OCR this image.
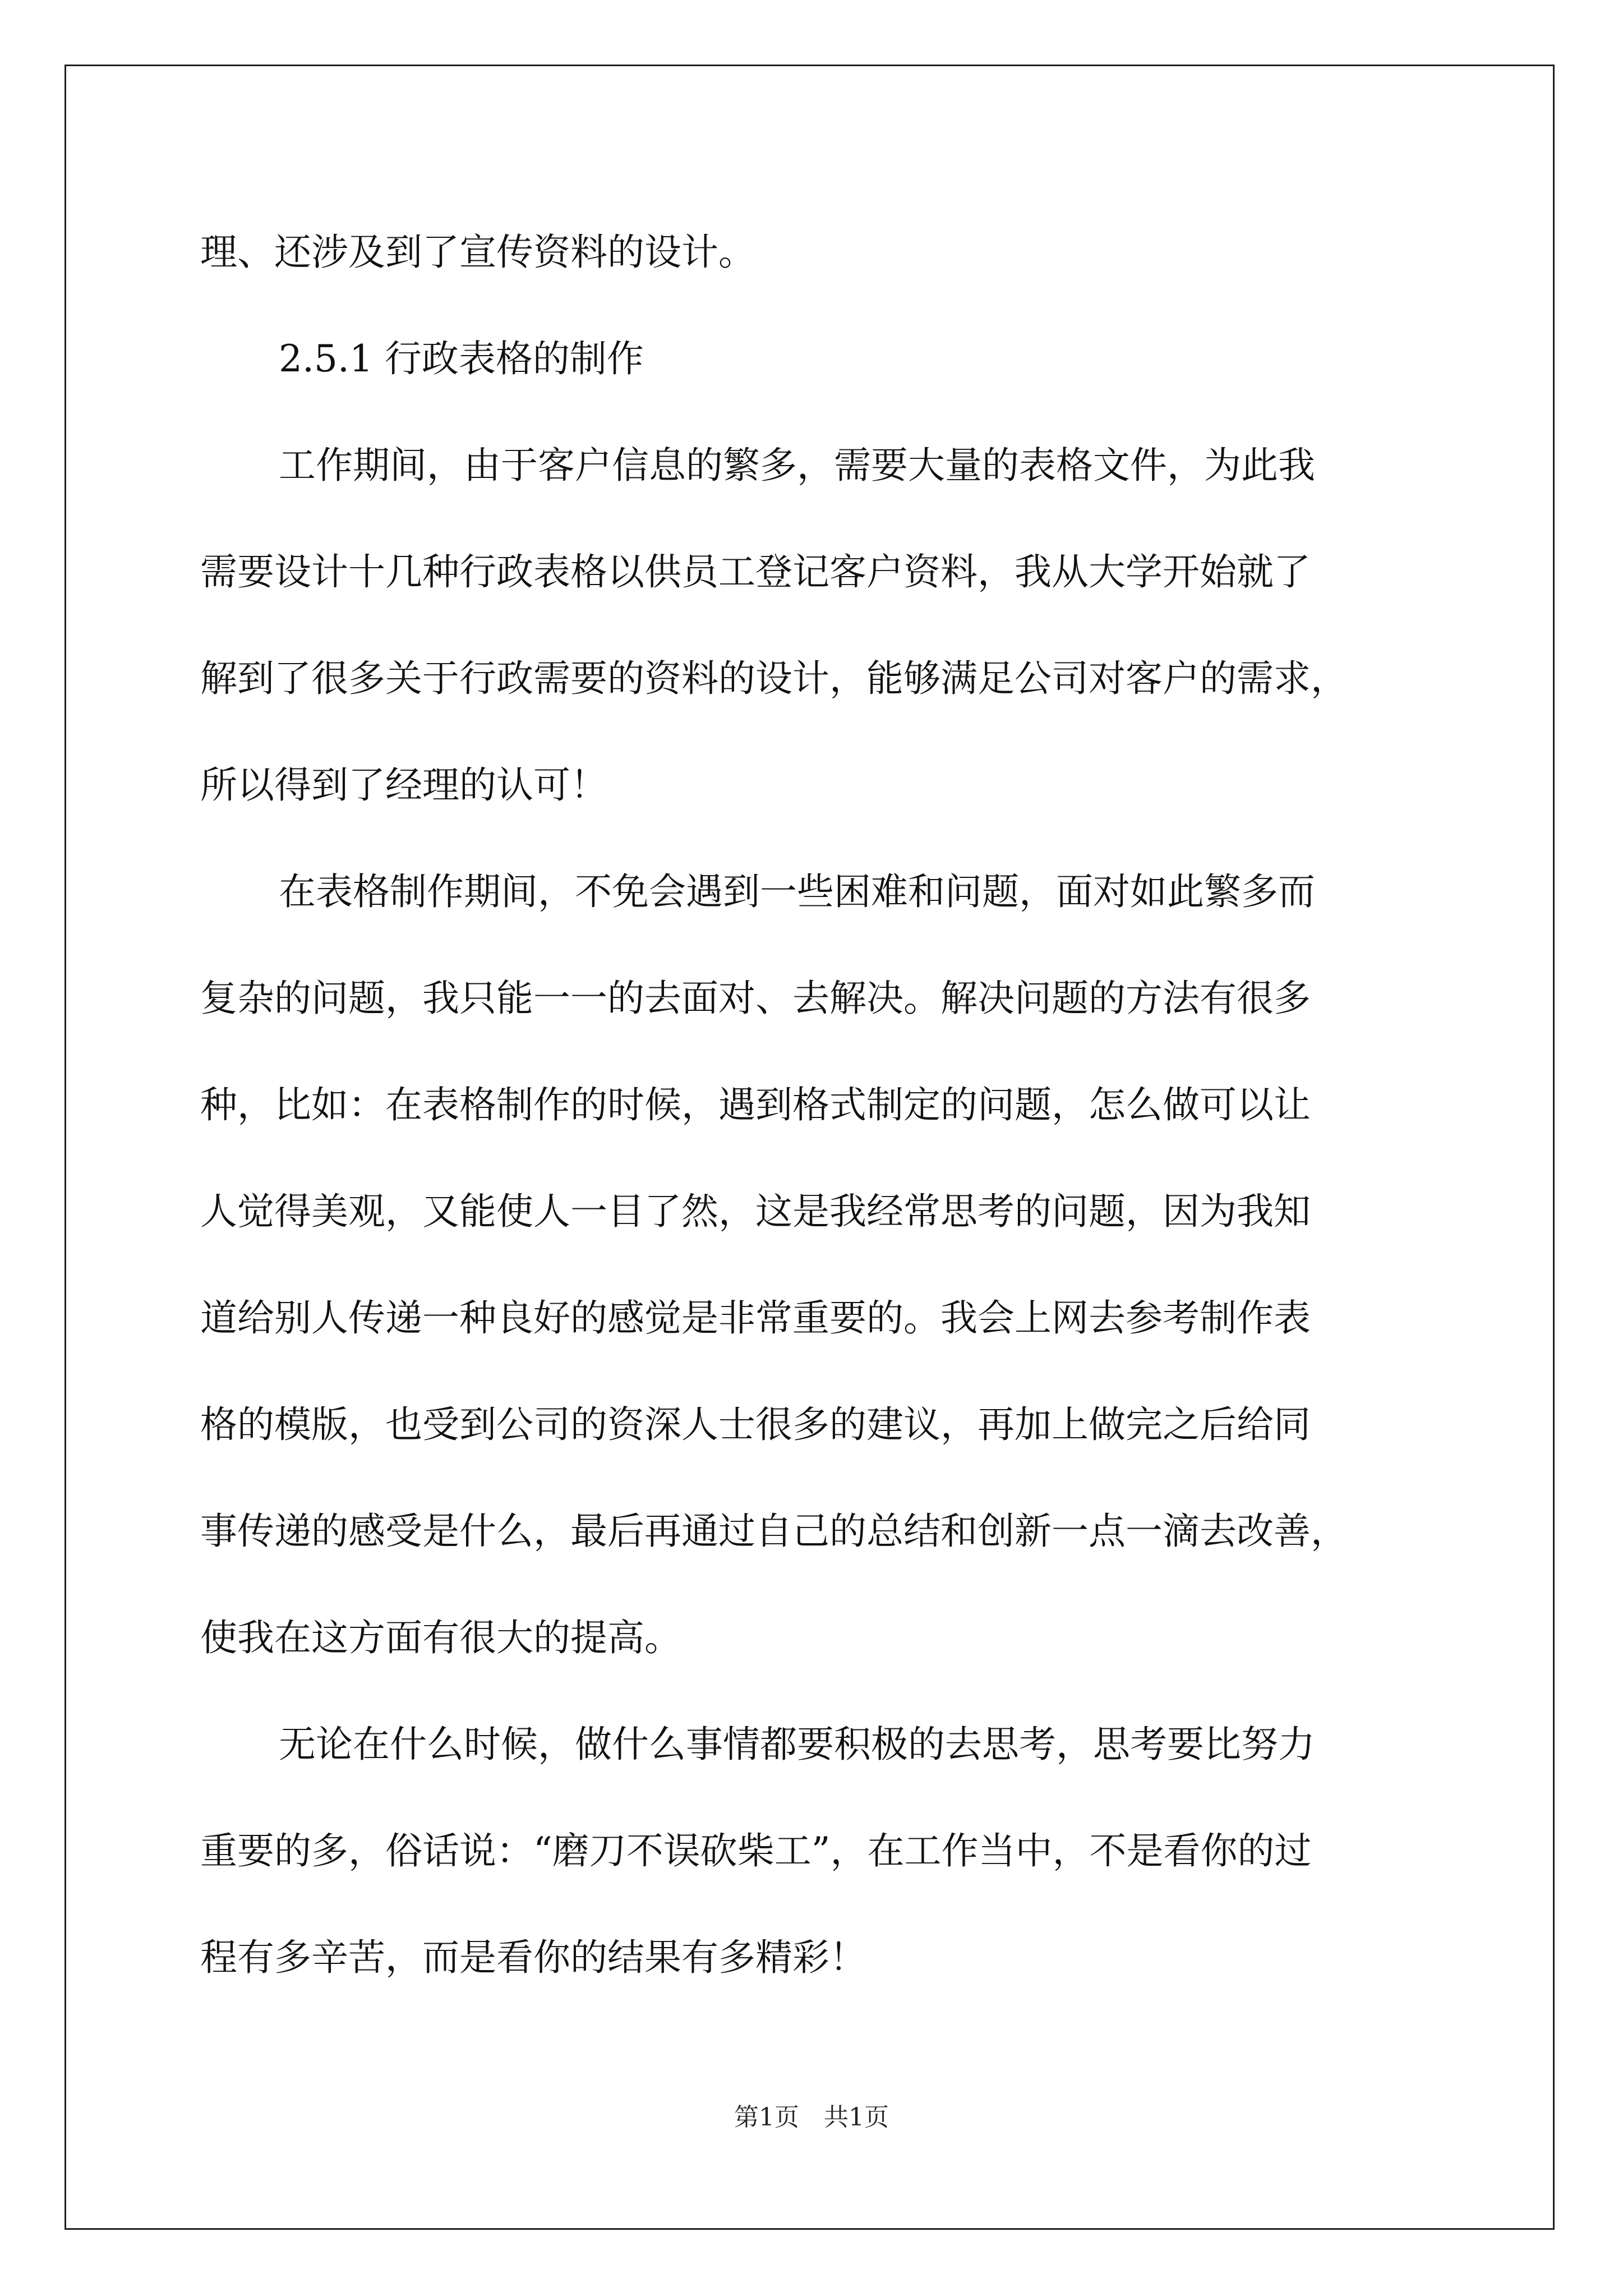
理、还涉及到了宣传资料的设计。
2.5.1 行政表格的制作
工作期间，由于客户信息的繁多，需要大量的表格文件，为此我
需要设计十几种行政表格以供员工登记客户资料，我从大学开始就了
解到了很多关于行政需要的资料的设计，能够满足公司对客户的需求，
所以得到了经理的认可！
在表格制作期间，不免会遇到一些困难和问题，面对如此繁多而
复杂的问题，我只能一一的去面对、去解决。解决问题的方法有很多
种，比如：在表格制作的时候，遇到格式制定的问题，怎么做可以让
人觉得美观，又能使人一目了然，这是我经常思考的问题，因为我知
道给别人传递一种良好的感觉是非常重要的。我会上网去参考制作表
格的模版，也受到公司的资深人士很多的建议，再加上做完之后给同
事传递的感受是什么，最后再通过自己的总结和创新一点一滴去改善，
使我在这方面有很大的提高。
无论在什么时候，做什么事情都要积极的去思考，思考要比努力
重要的多，俗话说：“磨刀不误砍柴工”，在工作当中，不是看你的过
程有多辛苦，而是看你的结果有多精彩！
第1页　共1页
